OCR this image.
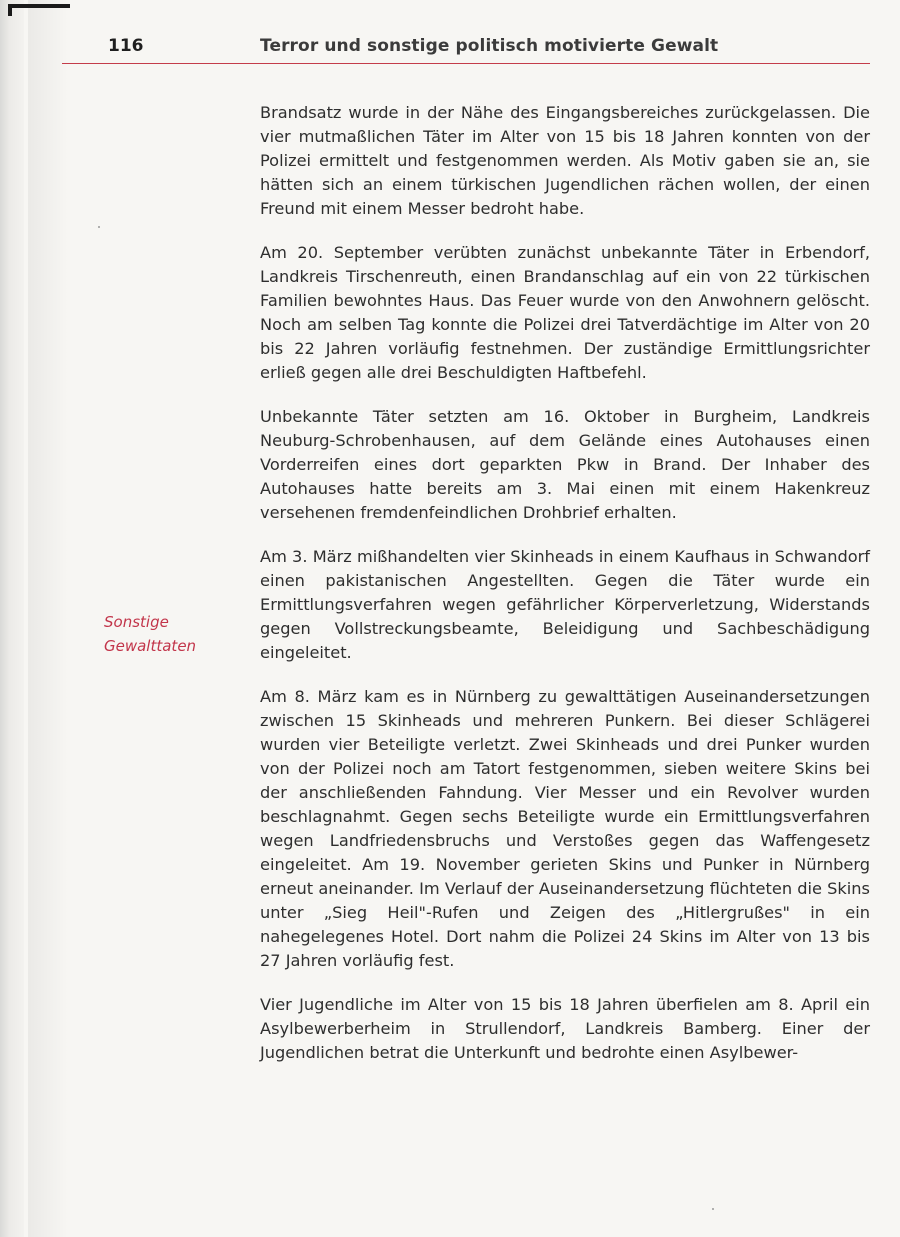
116	Terror und sonstige politisch motivierte Gewalt
Sonstige
Gewalttaten

Brandsatz wurde in der Nähe des Eingangsbereiches zurückgelassen. Die vier mutmaßlichen Täter im Alter von 15 bis 18 Jahren konnten von der Polizei ermittelt und festgenommen werden. Als Motiv gaben sie an, sie hätten sich an einem türkischen Jugendlichen rächen wollen, der einen Freund mit einem Messer bedroht habe.

Am 20. September verübten zunächst unbekannte Täter in Erbendorf, Landkreis Tirschenreuth, einen Brandanschlag auf ein von 22 türkischen Familien bewohntes Haus. Das Feuer wurde von den Anwohnern gelöscht. Noch am selben Tag konnte die Polizei drei Tatverdächtige im Alter von 20 bis 22 Jahren vorläufig festnehmen. Der zuständige Ermittlungsrichter erließ gegen alle drei Beschuldigten Haftbefehl.

Unbekannte Täter setzten am 16. Oktober in Burgheim, Landkreis Neuburg-Schrobenhausen, auf dem Gelände eines Autohauses einen Vorderreifen eines dort geparkten Pkw in Brand. Der Inhaber des Autohauses hatte bereits am 3. Mai einen mit einem Hakenkreuz versehenen fremdenfeindlichen Drohbrief erhalten.

Am 3. März mißhandelten vier Skinheads in einem Kaufhaus in Schwandorf einen pakistanischen Angestellten. Gegen die Täter wurde ein Ermittlungsverfahren wegen gefährlicher Körperverletzung, Widerstands gegen Vollstreckungsbeamte, Beleidigung und Sachbeschädigung eingeleitet.

Am 8. März kam es in Nürnberg zu gewalttätigen Auseinandersetzungen zwischen 15 Skinheads und mehreren Punkern. Bei dieser Schlägerei wurden vier Beteiligte verletzt. Zwei Skinheads und drei Punker wurden von der Polizei noch am Tatort festgenommen, sieben weitere Skins bei der anschließenden Fahndung. Vier Messer und ein Revolver wurden beschlagnahmt. Gegen sechs Beteiligte wurde ein Ermittlungsverfahren wegen Landfriedensbruchs und Verstoßes gegen das Waffengesetz eingeleitet. Am 19. November gerieten Skins und Punker in Nürnberg erneut aneinander. Im Verlauf der Auseinandersetzung flüchteten die Skins unter „Sieg Heil"-Rufen und Zeigen des „Hitlergrußes" in ein nahegelegenes Hotel. Dort nahm die Polizei 24 Skins im Alter von 13 bis 27 Jahren vorläufig fest.

Vier Jugendliche im Alter von 15 bis 18 Jahren überfielen am 8. April ein Asylbewerberheim in Strullendorf, Landkreis Bamberg. Einer der Jugendlichen betrat die Unterkunft und bedrohte einen Asylbewer-
